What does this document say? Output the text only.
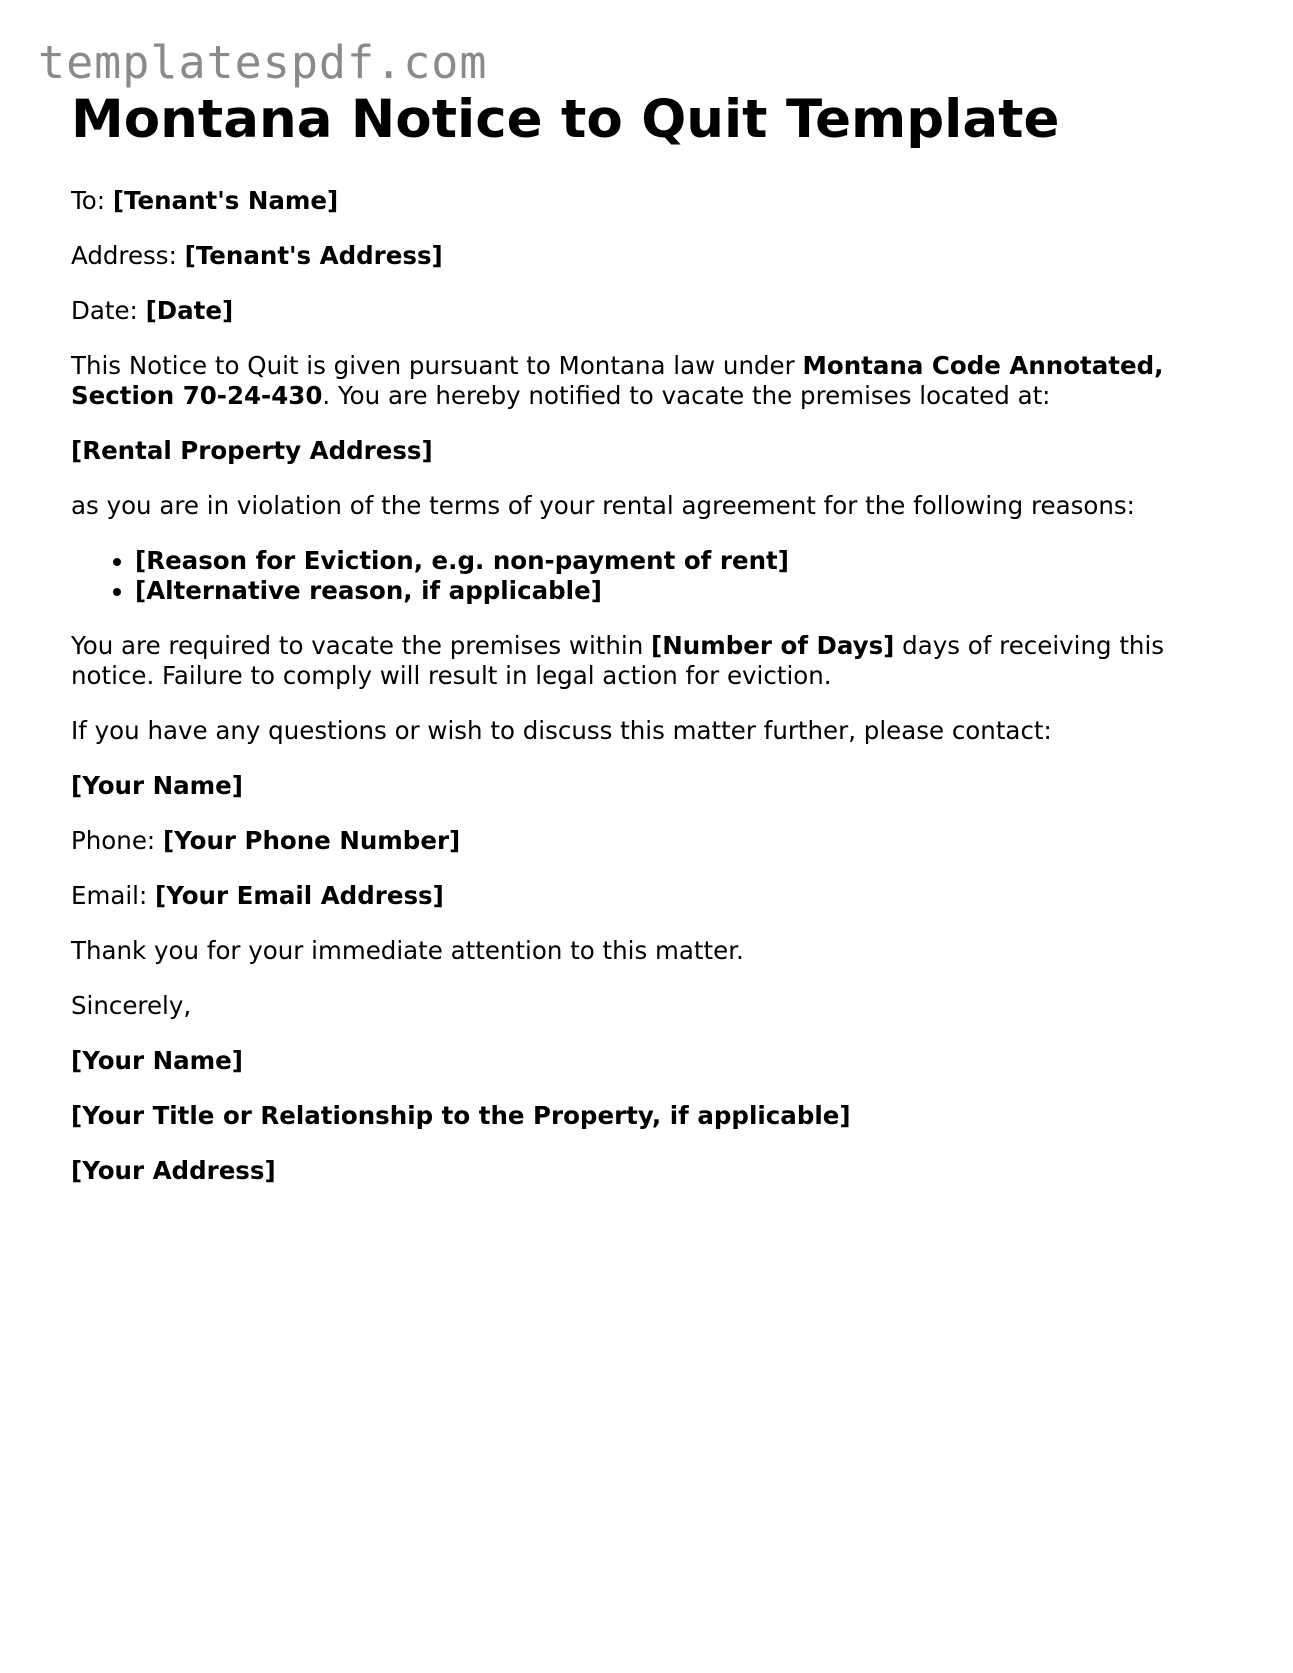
templatespdf.com
Montana Notice to Quit Template

To: [Tenant's Name]

Address: [Tenant's Address]

Date: [Date]

This Notice to Quit is given pursuant to Montana law under Montana Code Annotated, Section 70-24-430. You are hereby notified to vacate the premises located at:

[Rental Property Address]

as you are in violation of the terms of your rental agreement for the following reasons:

• [Reason for Eviction, e.g. non-payment of rent]
• [Alternative reason, if applicable]

You are required to vacate the premises within [Number of Days] days of receiving this notice. Failure to comply will result in legal action for eviction.

If you have any questions or wish to discuss this matter further, please contact:

[Your Name]

Phone: [Your Phone Number]

Email: [Your Email Address]

Thank you for your immediate attention to this matter.

Sincerely,

[Your Name]

[Your Title or Relationship to the Property, if applicable]

[Your Address]
